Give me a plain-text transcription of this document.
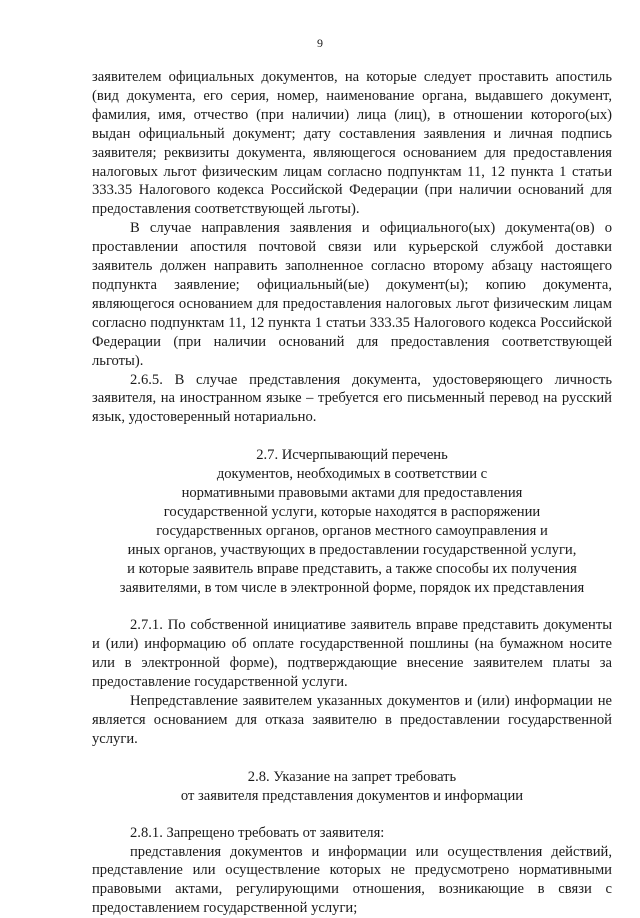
9

заявителем официальных документов, на которые следует проставить апостиль (вид документа, его серия, номер, наименование органа, выдавшего документ, фамилия, имя, отчество (при наличии) лица (лиц), в отношении которого(ых) выдан официальный документ; дату составления заявления и личная подпись заявителя; реквизиты документа, являющегося основанием для предоставления налоговых льгот физическим лицам согласно подпунктам 11, 12 пункта 1 статьи 333.35 Налогового кодекса Российской Федерации (при наличии оснований для предоставления соответствующей льготы).

В случае направления заявления и официального(ых) документа(ов) о проставлении апостиля почтовой связи или курьерской службой доставки заявитель должен направить заполненное согласно второму абзацу настоящего подпункта заявление; официальный(ые) документ(ы); копию документа, являющегося основанием для предоставления налоговых льгот физическим лицам согласно подпунктам 11, 12 пункта 1 статьи 333.35 Налогового кодекса Российской Федерации (при наличии оснований для предоставления соответствующей льготы).

2.6.5. В случае представления документа, удостоверяющего личность заявителя, на иностранном языке – требуется его письменный перевод на русский язык, удостоверенный нотариально.

2.7. Исчерпывающий перечень
документов, необходимых в соответствии с
нормативными правовыми актами для предоставления
государственной услуги, которые находятся в распоряжении
государственных органов, органов местного самоуправления и
иных органов, участвующих в предоставлении государственной услуги,
и которые заявитель вправе представить, а также способы их получения
заявителями, в том числе в электронной форме, порядок их представления

2.7.1. По собственной инициативе заявитель вправе представить документы и (или) информацию об оплате государственной пошлины (на бумажном носите или в электронной форме), подтверждающие внесение заявителем платы за предоставление государственной услуги.

Непредставление заявителем указанных документов и (или) информации не является основанием для отказа заявителю в предоставлении государственной услуги.

2.8. Указание на запрет требовать
от заявителя представления документов и информации

2.8.1. Запрещено требовать от заявителя:

представления документов и информации или осуществления действий, представление или осуществление которых не предусмотрено нормативными правовыми актами, регулирующими отношения, возникающие в связи с предоставлением государственной услуги;
